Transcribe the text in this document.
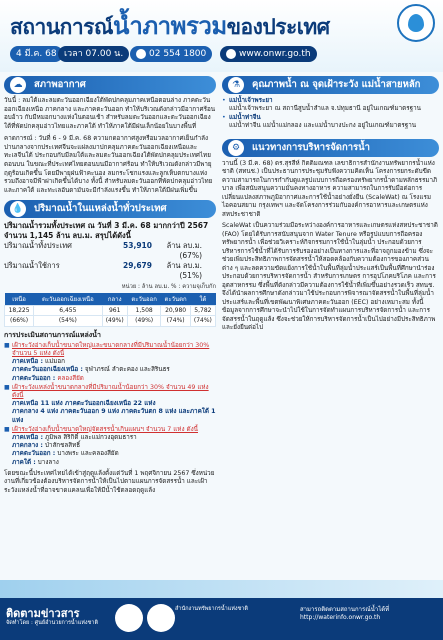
สถานการณ์น้ำภาพรวมของประเทศ
4 มี.ค. 68 เวลา 07.00 น.	02 554 1800	www.onwr.go.th
☁	สภาพอากาศ
วันนี้ : ลมใต้และลมตะวันออกเฉียงใต้พัดปกคลุมภาคเหนือตอนล่าง ภาคตะวันออกเฉียงเหนือ ภาคกลาง และภาคตะวันออก ทำให้บริเวณดังกล่าวมีอากาศร้อนอบอ้าว กับมีหมอกบางแห่งในตอนเช้า สำหรับลมตะวันออกและตะวันออกเฉียงใต้ที่พัดปกคลุมอ่าวไทยและภาคใต้ ทำให้ภาคใต้มีฝนเล็กน้อยในบางพื้นที่
คาดการณ์ : วันที่ 6 - 9 มี.ค. 68 ความกดอากาศสูงหรือมวลอากาศเย็นกำลังปานกลางจากประเทศจีนจะแผ่ลงมาปกคลุมภาคตะวันออกเฉียงเหนือและทะเลจีนใต้ ประกอบกับมีลมใต้และลมตะวันออกเฉียงใต้พัดปกคลุมประเทศไทยตอนบน ในขณะที่ประเทศไทยตอนบนมีอากาศร้อน ทำให้บริเวณดังกล่าวมีพายุฤดูร้อนเกิดขึ้น โดยมีพายุฝนฟ้าคะนอง ลมกระโชกแรงและลูกเห็บตกบางแห่ง รวมถึงอาจมีฟ้าผ่าเกิดขึ้นได้บาง ทั้งนี้ สำหรับลมตะวันออกที่พัดปกคลุมอ่าวไทยและภาคใต้ และทะเลอันดามันจะมีกำลังแรงขึ้น ทำให้ภาคใต้มีฝนเพิ่มขึ้น
💧 ปริมาณน้ำในแหล่งน้ำทั่วประเทศ
ปริมาณน้ำรวมทั้งประเทศ ณ วันที่ 3 มี.ค. 68 มากกว่าปี 2567 จำนวน 1,145 ล้าน ลบ.ม. สรุปได้ดังนี้
ปริมาณน้ำทั้งประเทศ	53,910	ล้าน ลบ.ม. (67%)
ปริมาณน้ำใช้การ	29,679	ล้าน ลบ.ม. (51%)
หน่วย : ล้าน ลบ.ม. % : ความจุเก็บกัก
เหนือ	ตะวันออกเฉียงเหนือ	กลาง	ตะวันออก	ตะวันตก	ใต้
18,225	6,455	961	1,508	20,980	5,782
(66%)	(54%)	(49%)	(49%)	(74%)	(74%)
การประเมินสถานการณ์แหล่งน้ำ
■ เฝ้าระวังอ่างเก็บน้ำขนาดใหญ่และขนาดกลางที่มีปริมาณน้ำน้อยกว่า 30% จำนวน 5 แห่ง ดังนี้
ภาคเหนือ : แม่มอก
ภาคตะวันออกเฉียงเหนือ : จุฬาภรณ์ ลำตะคอง และสิรินธร
ภาคตะวันออก : คลองสียัด
■ เฝ้าระวังแหล่งน้ำขนาดกลางที่มีปริมาณน้ำน้อยกว่า 30% จำนวน 49 แห่ง ดังนี้
ภาคเหนือ 11 แห่ง ภาคตะวันออกเฉียงเหนือ 22 แห่ง
ภาคกลาง 4 แห่ง ภาคตะวันออก 9 แห่ง ภาคตะวันตก 8 แห่ง และภาคใต้ 1 แห่ง
■ เฝ้าระวังอ่างเก็บน้ำขนาดใหญ่จัดสรรน้ำเกินแผนฯ จำนวน 7 แห่ง ดังนี้
ภาคเหนือ : ภูมิพล สิริกิติ์ และแม่กวงอุดมธารา
ภาคกลาง : ป่าสักชลสิทธิ์
ภาคตะวันออก : บางพระ และคลองสียัด
ภาคใต้ : บางลาง
โดยขณะนี้ประเทศไทยได้เข้าสู่ฤดูแล้งตั้งแต่วันที่ 1 พฤศจิกายน 2567 ซึ่งหน่วยงานที่เกี่ยวข้องต้องบริหารจัดการน้ำให้เป็นไปตามแผนการจัดสรรน้ำ และเฝ้าระวังแหล่งน้ำที่อาจขาดแคลนเพื่อให้มีน้ำใช้ตลอดฤดูแล้ง
⚗	คุณภาพน้ำ ณ จุดเฝ้าระวัง แม่น้ำสายหลัก
• แม่น้ำเจ้าพระยา
แม่น้ำเจ้าพระยา ณ สถานีสูบน้ำสำแล จ.ปทุมธานี อยู่ในเกณฑ์มาตรฐาน
• แม่น้ำท่าจีน
แม่น้ำท่าจีน แม่น้ำแม่กลอง และแม่น้ำบางปะกง อยู่ในเกณฑ์มาตรฐาน
⚙	แนวทางการบริหารจัดการน้ำ
วานนี้ (3 มี.ค. 68) ดร.สุรสีห์ กิตติมณฑล เลขาธิการสำนักงานทรัพยากรน้ำแห่งชาติ (สทนช.) เป็นประธานการประชุมรับฟังความคิดเห็น โครงการยกระดับขีดความสามารถในการกำกับดูแลรูปแบบการถือครองทรัพยากรน้ำตามหลักธรรมาภิบาล เพื่อสนับสนุนความมั่นคงทางอาหาร ความสามารถในการรับมือต่อการเปลี่ยนแปลงสภาพภูมิอากาศและการใช้น้ำอย่างยั่งยืน (ScaleWat) ณ โรงแรมไอคอนสยาม กรุงเทพฯ และจัดโครงการร่วมกับองค์การอาหารและเกษตรแห่งสหประชาชาติ
ScaleWat เป็นความร่วมมือระหว่างองค์การอาหารและเกษตรแห่งสหประชาชาติ (FAO) โดยได้รับการสนับสนุนจาก Water Tenure หรือรูปแบบการถือครองทรัพยากรน้ำ เพื่อช่วยวิเคราะห์กิจกรรมการใช้น้ำในลุ่มน้ำ ประกอบด้วยการบริหารการใช้น้ำที่ได้รับการรับรองอย่างเป็นทางการและที่อาจถูกมองข้าม ซึ่งจะช่วยเพิ่มประสิทธิภาพการจัดสรรน้ำให้สอดคล้องกับความต้องการของภาคส่วนต่าง ๆ และลดความขัดแย้งการใช้น้ำในพื้นที่ลุ่มน้ำประแสร์เป็นพื้นที่ศึกษานำร่อง ประกอบด้วยการบริหารจัดการน้ำ สำหรับการเกษตร การอุปโภคบริโภค และการอุตสาหกรรม ซึ่งพื้นที่ดังกล่าวมีความต้องการใช้น้ำที่เพิ่มขึ้นอย่างรวดเร็ว สทนช. จึงได้นำผลการศึกษาดังกล่าวมาใช้ประกอบการพิจารณาจัดสรรน้ำในพื้นที่ลุ่มน้ำประแสร์และพื้นที่เขตพัฒนาพิเศษภาคตะวันออก (EEC) อย่างเหมาะสม ทั้งนี้ ข้อมูลจากการศึกษาจะนำไปใช้ในการจัดทำแผนการบริหารจัดการน้ำ และการจัดสรรน้ำในฤดูแล้ง ซึ่งจะช่วยให้การบริหารจัดการน้ำเป็นไปอย่างมีประสิทธิภาพและยั่งยืนต่อไป
ติดตามข่าวสาร
จัดทำโดย : ศูนย์อำนวยการน้ำแห่งชาติ
สำนักงานทรัพยากรน้ำแห่งชาติ	สามารถติดตามสถานการณ์น้ำได้ที่
http://waterinfo.onwr.go.th
